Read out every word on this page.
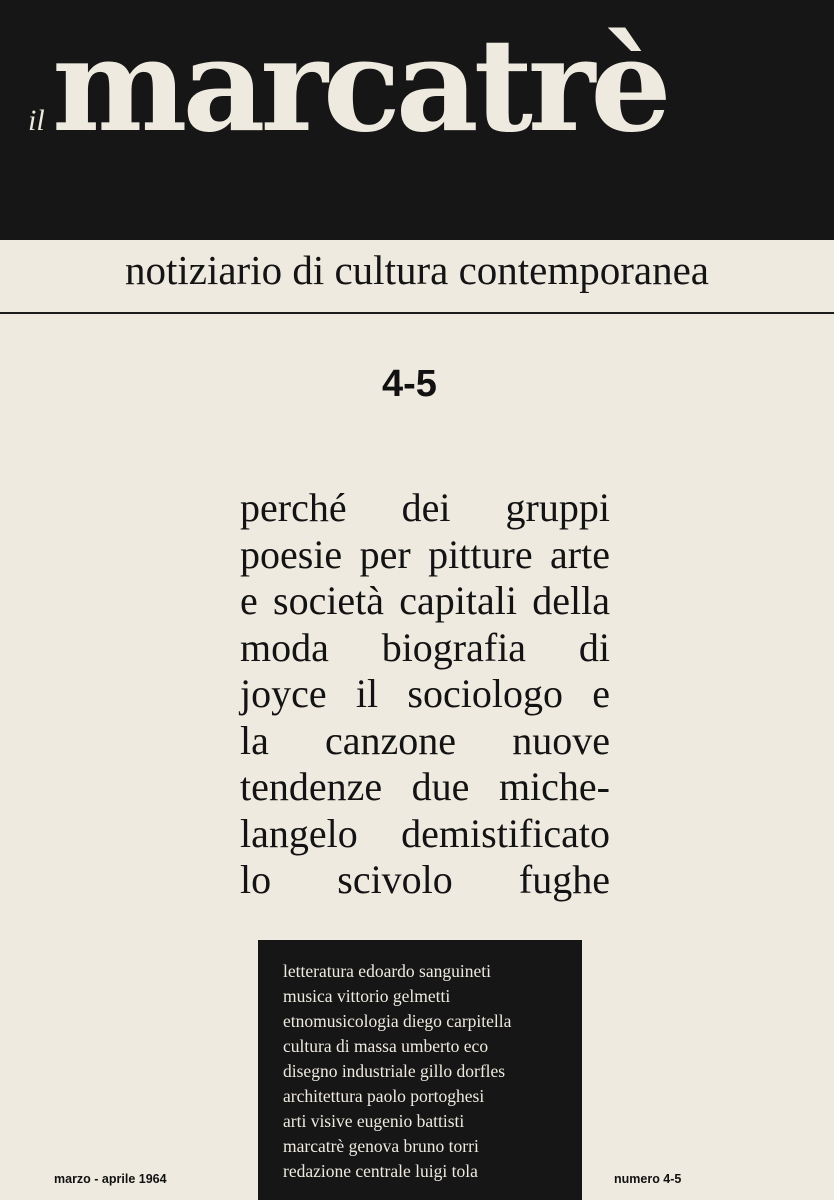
il marcatrè
notiziario di cultura contemporanea
4-5
perché dei gruppi
poesie per pitture arte
e società capitali della
moda biografia di
joyce il sociologo e
la canzone nuove
tendenze due miche-
langelo demistificato
lo scivolo fughe
letteratura edoardo sanguineti
musica vittorio gelmetti
etnomusicologia diego carpitella
cultura di massa umberto eco
disegno industriale gillo dorfles
architettura paolo portoghesi
arti visive eugenio battisti
marcatrè genova bruno torri
redazione centrale luigi tola
marzo - aprile 1964	numero 4-5
